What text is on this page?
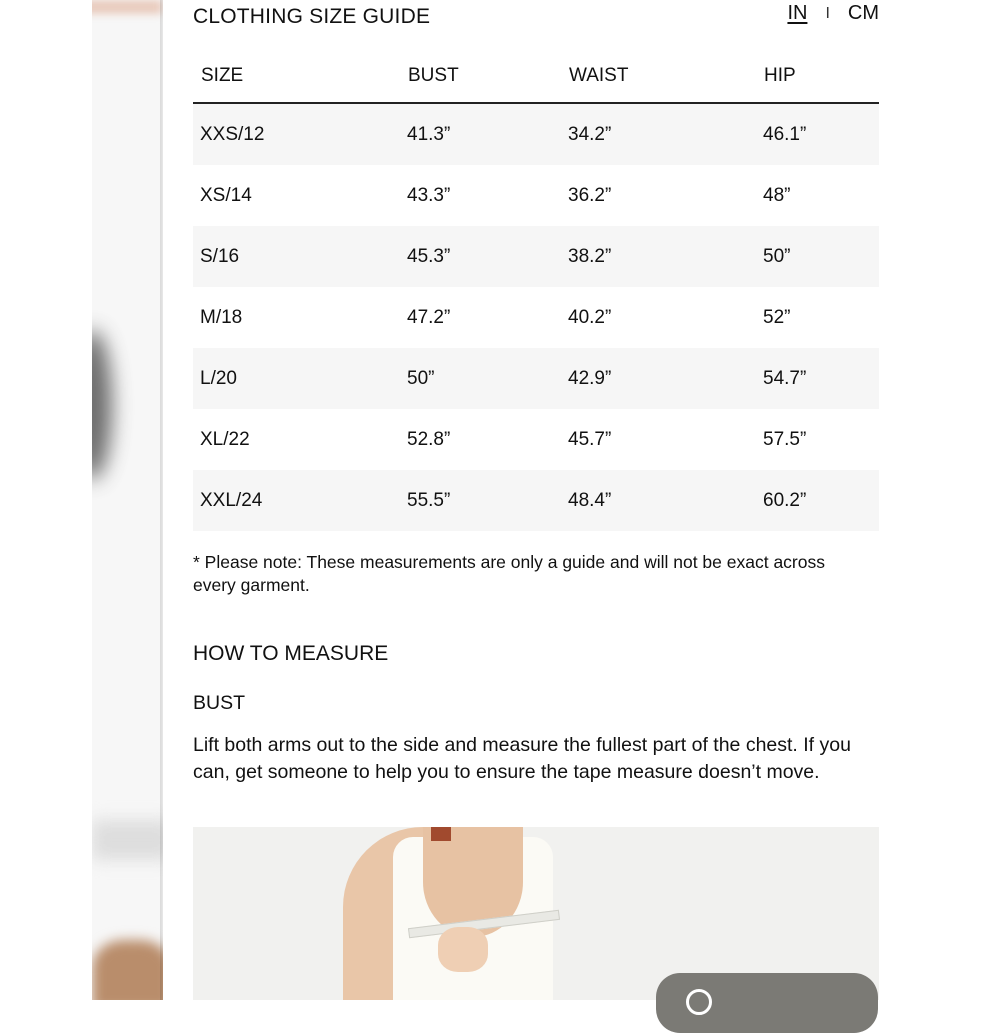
CLOTHING SIZE GUIDE	IN I CM
SIZE	BUST	WAIST	HIP
XXS/12	41.3”	34.2”	46.1”
XS/14	43.3”	36.2”	48”
S/16	45.3”	38.2”	50”
M/18	47.2”	40.2”	52”
L/20	50”	42.9”	54.7”
XL/22	52.8”	45.7”	57.5”
XXL/24	55.5”	48.4”	60.2”
* Please note: These measurements are only a guide and will not be exact across every garment.
HOW TO MEASURE
BUST
Lift both arms out to the side and measure the fullest part of the chest. If you can, get someone to help you to ensure the tape measure doesn’t move.
